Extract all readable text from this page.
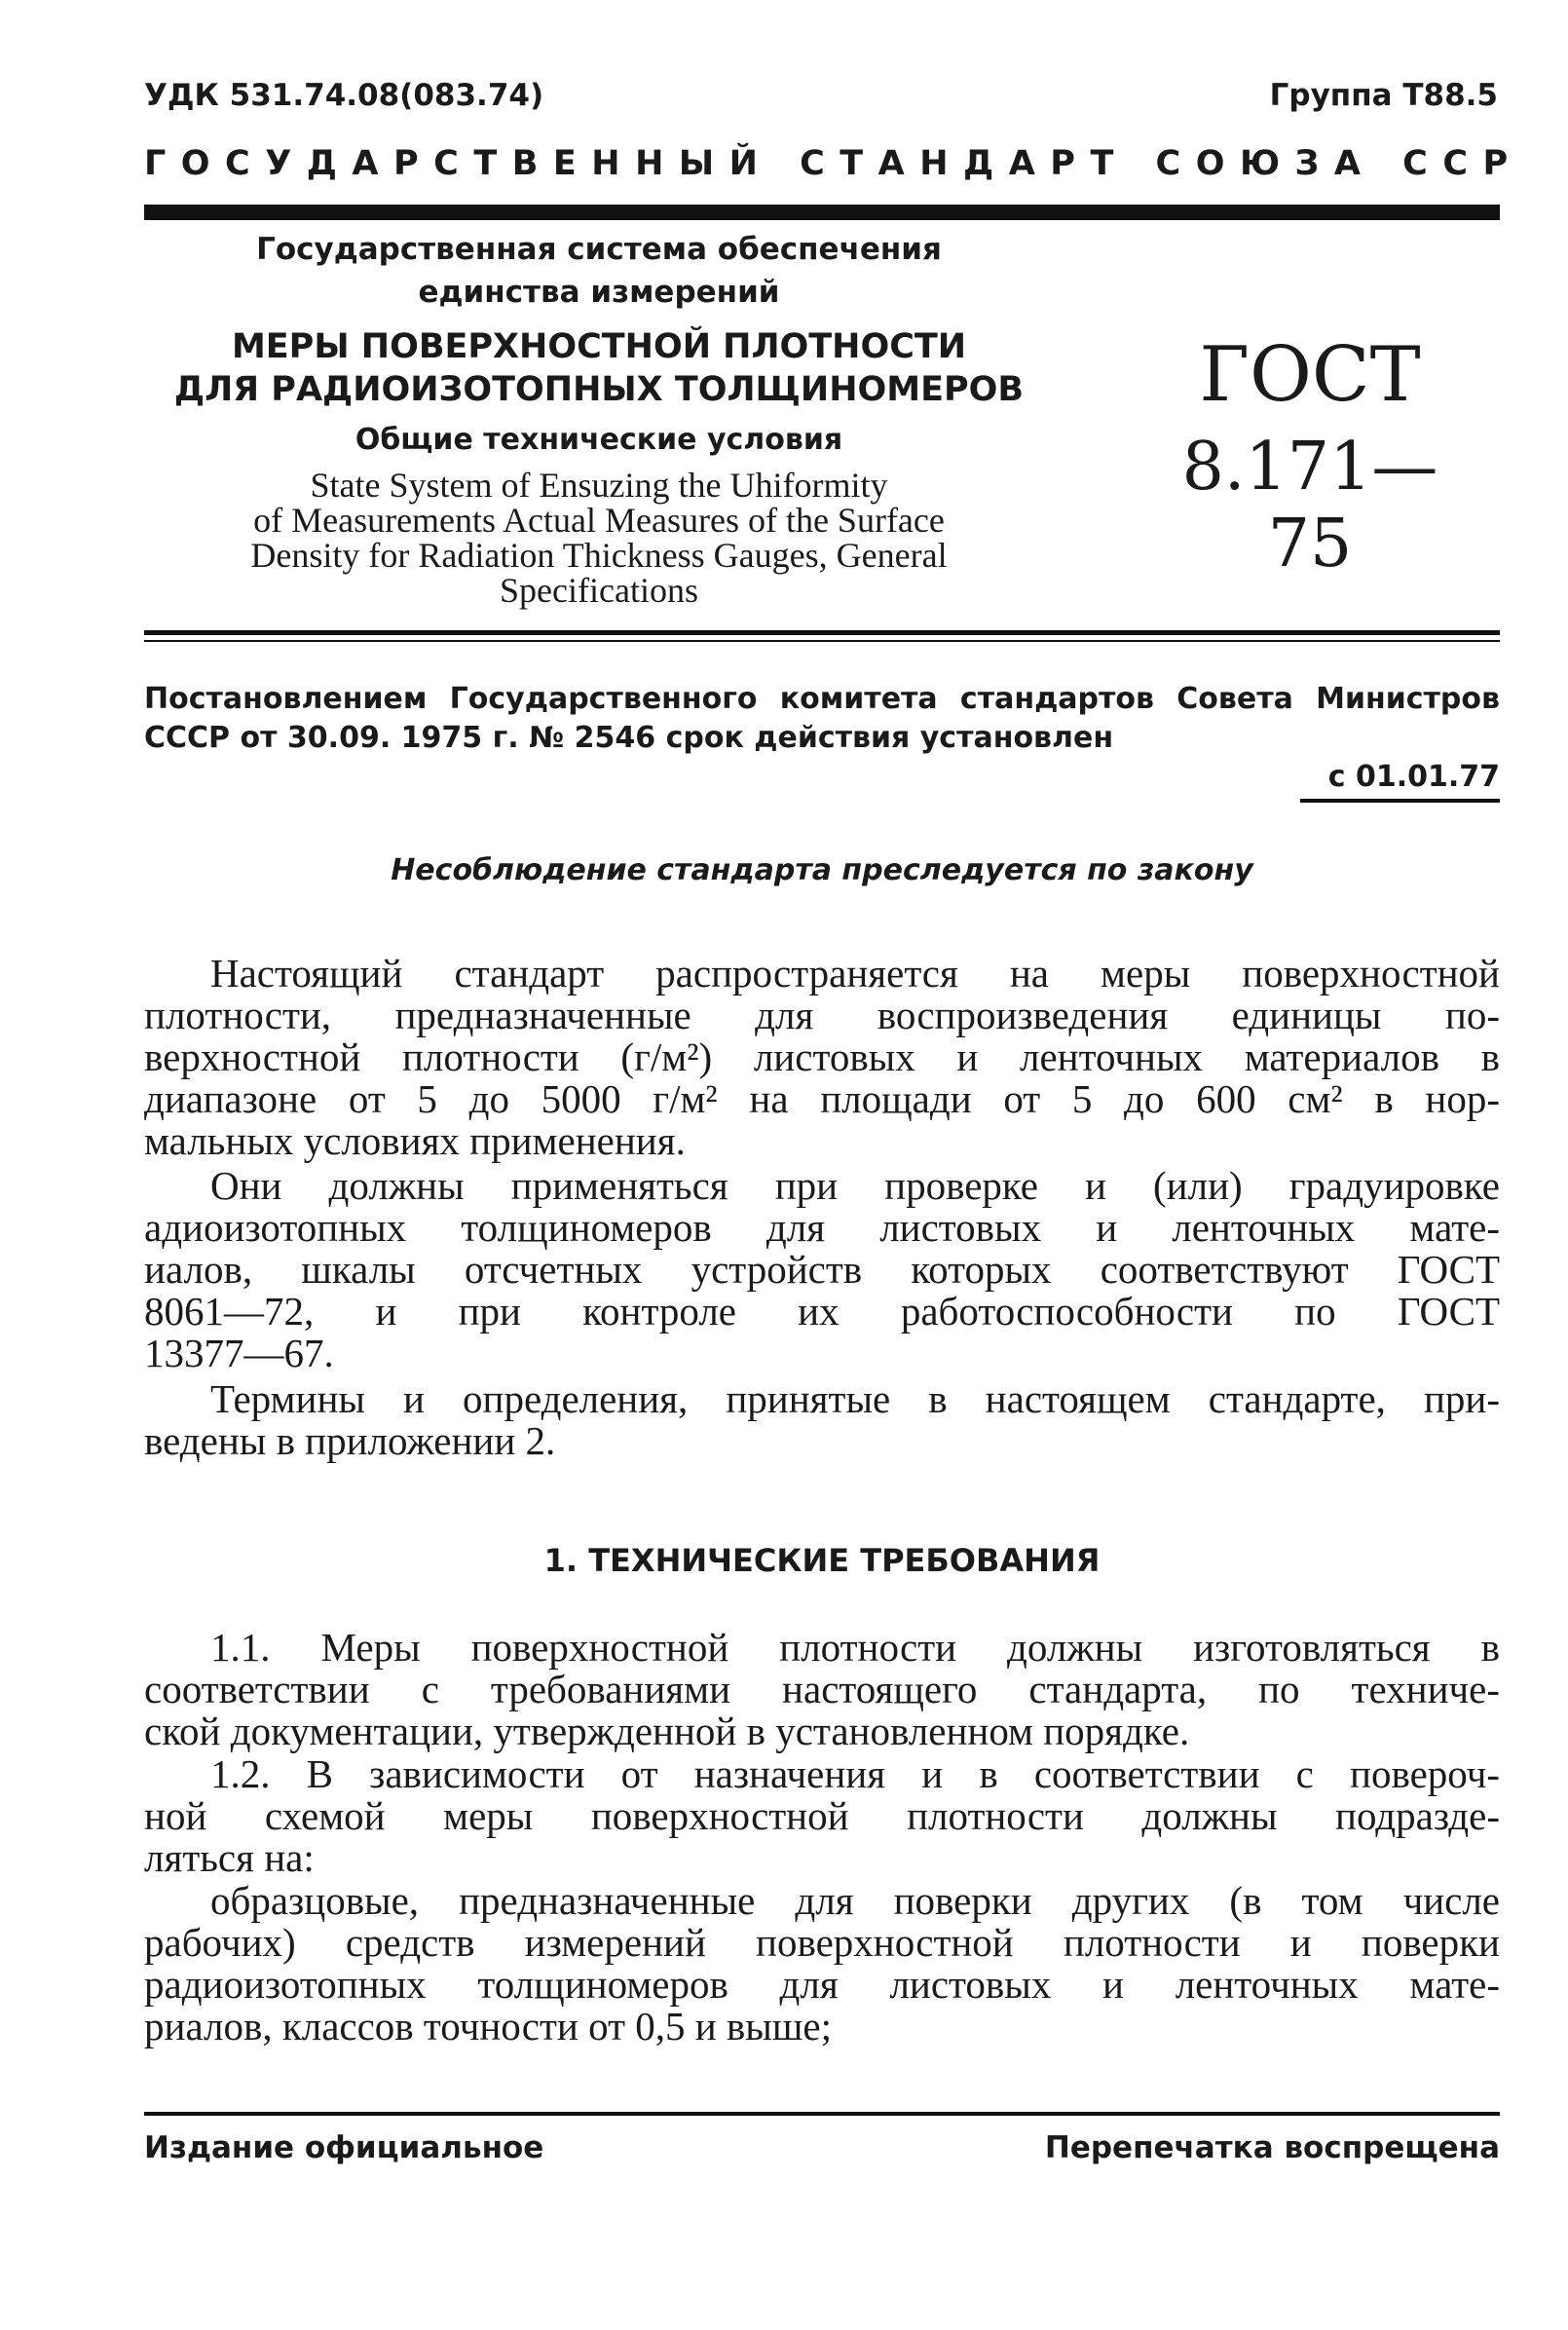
УДК 531.74.08(083.74)	Группа Т88.5
ГОСУДАРСТВЕННЫЙ СТАНДАРТ СОЮЗА ССР
Государственная система обеспечения
единства измерений
МЕРЫ ПОВЕРХНОСТНОЙ ПЛОТНОСТИ
ДЛЯ РАДИОИЗОТОПНЫХ ТОЛЩИНОМЕРОВ
Общие технические условия
State System of Ensuzing the Uhiformity
of Measurements Actual Measures of the Surface
Density for Radiation Thickness Gauges, General
Specifications
ГОСТ
8.171—75
Постановлением Государственного комитета стандартов Совета Министров
СССР от 30.09. 1975 г. № 2546 срок действия установлен
с 01.01.77
Несоблюдение стандарта преследуется по закону
Настоящий стандарт распространяется на меры поверхностной
плотности, предназначенные для воспроизведения единицы по-
верхностной плотности (г/м²) листовых и ленточных материалов в
диапазоне от 5 до 5000 г/м² на площади от 5 до 600 см² в нор-
мальных условиях применения.
Они должны применяться при проверке и (или) градуировке
адиоизотопных толщиномеров для листовых и ленточных мате-
иалов, шкалы отсчетных устройств которых соответствуют ГОСТ
8061—72, и при контроле их работоспособности по ГОСТ
13377—67.
Термины и определения, принятые в настоящем стандарте, при-
ведены в приложении 2.
1. ТЕХНИЧЕСКИЕ ТРЕБОВАНИЯ
1.1. Меры поверхностной плотности должны изготовляться в
соответствии с требованиями настоящего стандарта, по техниче-
ской документации, утвержденной в установленном порядке.
1.2. В зависимости от назначения и в соответствии с повероч-
ной схемой меры поверхностной плотности должны подразде-
ляться на:
образцовые, предназначенные для поверки других (в том числе
рабочих) средств измерений поверхностной плотности и поверки
радиоизотопных толщиномеров для листовых и ленточных мате-
риалов, классов точности от 0,5 и выше;
Издание официальное	Перепечатка воспрещена
